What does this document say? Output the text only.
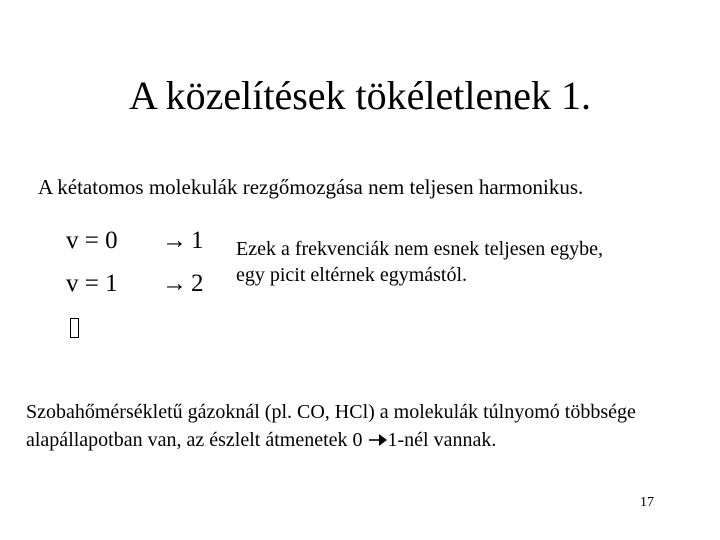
A közelítések tökéletlenek 1.
A kétatomos molekulák rezgőmozgása nem teljesen harmonikus.
v = 0 → 1
v = 1 → 2
Ezek a frekvenciák nem esnek teljesen egybe, egy picit eltérnek egymástól.
Szobahőmérsékletű gázoknál (pl. CO, HCl) a molekulák túlnyomó többsége alapállapotban van, az észlelt átmenetek 0 1-nél vannak.
17
